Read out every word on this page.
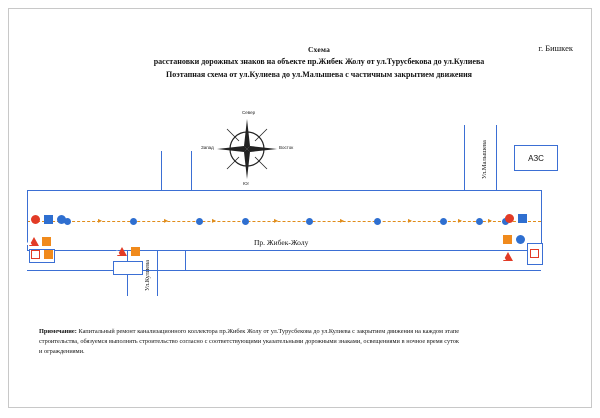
г. Бишкек
Схема
расстановки дорожных знаков на объекте пр.Жибек Жолу от ул.Турусбекова до ул.Кулиева
Поэтапная схема от ул.Кулиева до ул.Малышева с частичным закрытием движения
Север
Юг
Запад	Восток
Пр. Жибек-Жолу
Ул.Малышева
Ул.Кулиева
АЗС
▸	▸	▸	▸	▸	▸	▸	▸
Примечание: Капитальный ремонт канализационного коллектора пр.Жибек Жолу от ул.Турусбекова до ул.Кулиева с закрытием движения на каждом этапе строительства, обязуемся выполнять строительство согласно с соответствующими указательными дорожными знаками, освещениями в ночное время суток и ограждениями.
